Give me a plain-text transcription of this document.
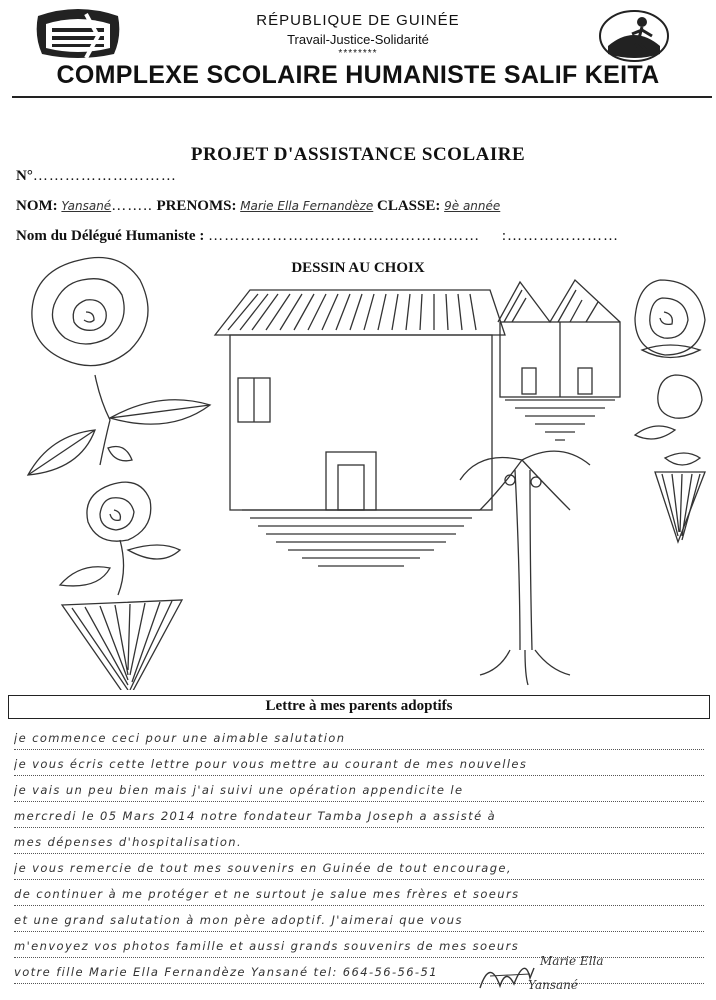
RÉPUBLIQUE DE GUINÉE
Travail-Justice-Solidarité
********
COMPLEXE SCOLAIRE HUMANISTE SALIF KEITA
PROJET D'ASSISTANCE SCOLAIRE
N°………………………
NOM: Yansané…….. PRENOMS: Marie Ella Fernandèze CLASSE: 9è année
Nom du Délégué Humaniste : …………………………………………… :…………………
DESSIN AU CHOIX
Lettre à mes parents adoptifs
je commence ceci pour une aimable salutation
je vous écris cette lettre pour vous mettre au courant de mes nouvelles
je vais un peu bien mais j'ai suivi une opération appendicite le
mercredi le 05 Mars 2014 notre fondateur Tamba Joseph a assisté à
mes dépenses d'hospitalisation.
je vous remercie de tout mes souvenirs en Guinée de tout encourage,
de continuer à me protéger et ne surtout je salue mes frères et soeurs
et une grand salutation à mon père adoptif. J'aimerai que vous
m'envoyez vos photos famille et aussi grands souvenirs de mes soeurs
votre fille Marie Ella Fernandèze Yansané tel: 664-56-56-51
Marie Ella
Yansané
